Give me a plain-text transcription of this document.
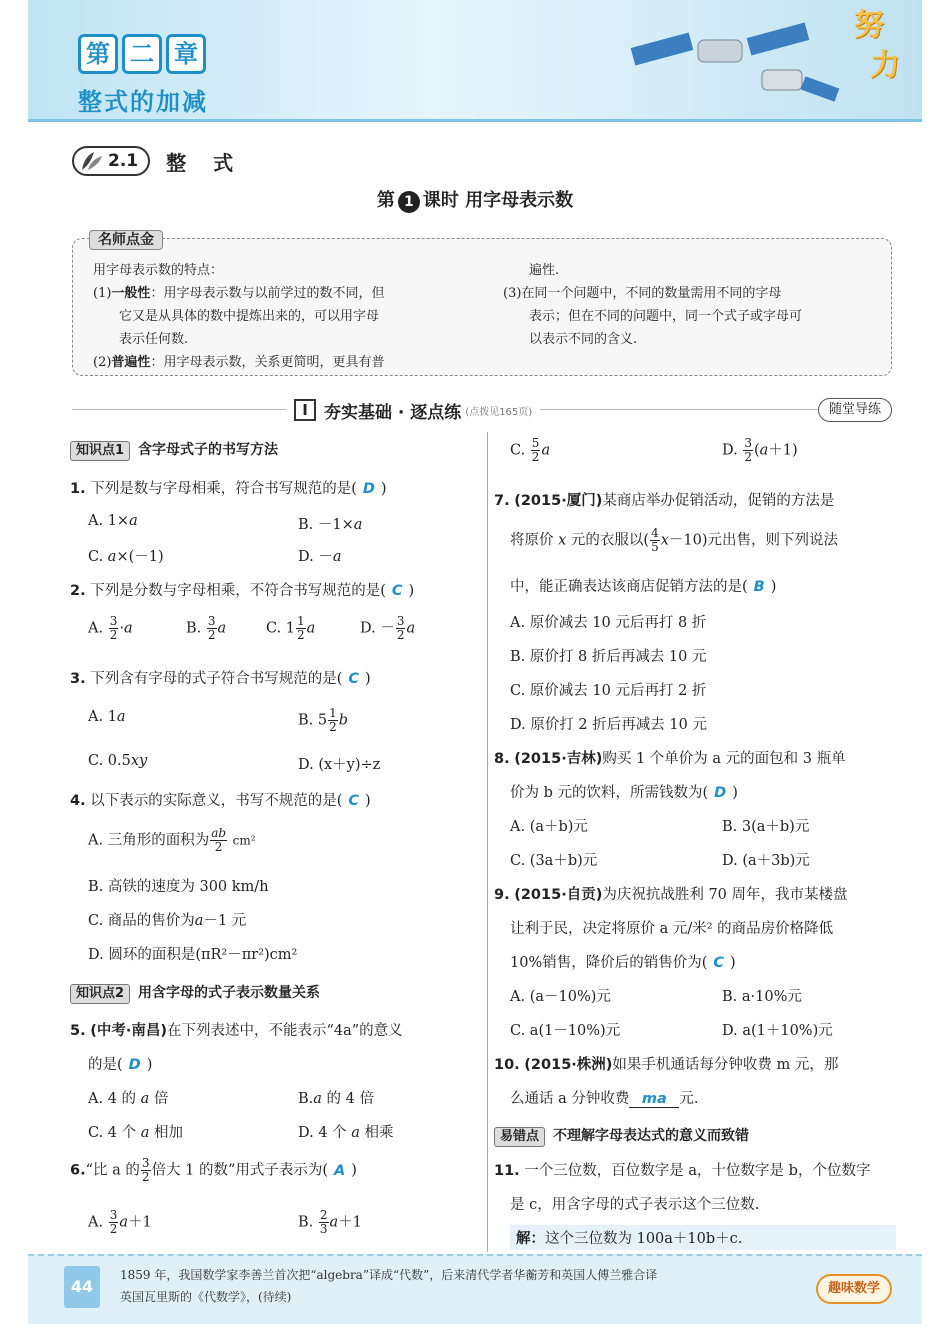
第 二 章
整式的加减
努
力
2.1 整 式
第 1 课时 用字母表示数
名师点金
用字母表示数的特点：
(1)一般性：用字母表示数与以前学过的数不同，但
它又是从具体的数中提炼出来的，可以用字母
表示任何数.
(2)普遍性：用字母表示数，关系更简明，更具有普
遍性.
(3)在同一个问题中，不同的数量需用不同的字母
表示；但在不同的问题中，同一个式子或字母可
以表示不同的含义.
Ⅰ 夯实基础 · 逐点练 (点拨见165页)	随堂导练
知识点1 含字母式子的书写方法
1. 下列是数与字母相乘，符合书写规范的是( D )
A. 1×a	B. －1×a
C. a×(－1)	D. －a
2. 下列是分数与字母相乘，不符合书写规范的是( C )
A. $\frac{3}{2} \cdot a$	B. $\frac{3}{2}$ a	C. $1 \frac{1}{2}$ a	D. － $\frac{3}{2}$ a
3. 下列含有字母的式子符合书写规范的是( C )
A. 1a	B. $5 \frac{1}{2}$ b
C. 0.5xy	D. (x＋y)÷z
4. 以下表示的实际意义，书写不规范的是( C )
A. 三角形的面积为 $\frac{ab}{2} cm^2$
B. 高铁的速度为 300 km/h
C. 商品的售价为a－1 元
D. 圆环的面积是(πR²－πr²)cm²
知识点2 用含字母的式子表示数量关系
5. (中考·南昌)在下列表述中，不能表示“4a”的意义
的是( D )
A. 4 的 a 倍	B.a 的 4 倍
C. 4 个 a 相加	D. 4 个 a 相乘
6.“比 a 的 $\frac{3}{2}$ 倍大 1 的数”用式子表示为( A )
A. $\frac{3}{2} a+1$	B. $\frac{2}{3} a+1$
C. $\frac{5}{2}$ a	D. $\frac{3}{2} (a+1)$
7. (2015·厦门)某商店举办促销活动，促销的方法是
将原价 x 元的衣服以( $\frac{4}{5} x-10$)元出售，则下列说法
中，能正确表达该商店促销方法的是( B )
A. 原价减去 10 元后再打 8 折
B. 原价打 8 折后再减去 10 元
C. 原价减去 10 元后再打 2 折
D. 原价打 2 折后再减去 10 元
8. (2015·吉林)购买 1 个单价为 a 元的面包和 3 瓶单
价为 b 元的饮料，所需钱数为( D )
A. (a＋b)元	B. 3(a＋b)元
C. (3a＋b)元	D. (a＋3b)元
9. (2015·自贡)为庆祝抗战胜利 70 周年，我市某楼盘
让利于民，决定将原价 a 元/米² 的商品房价格降低
10%销售，降价后的销售价为( C )
A. (a－10%)元	B. a·10%元
C. a(1－10%)元	D. a(1＋10%)元
10. (2015·株洲)如果手机通话每分钟收费 m 元，那
么通话 a 分钟收费 ma 元.
易错点 不理解字母表达式的意义而致错
11. 一个三位数，百位数字是 a，十位数字是 b，个位数字
是 c，用含字母的式子表示这个三位数.
解：这个三位数为 100a＋10b＋c.
44
1859 年，我国数学家李善兰首次把“algebra”译成“代数”，后来清代学者华蘅芳和英国人傅兰雅合译
英国瓦里斯的《代数学》，(待续)
趣味数学
